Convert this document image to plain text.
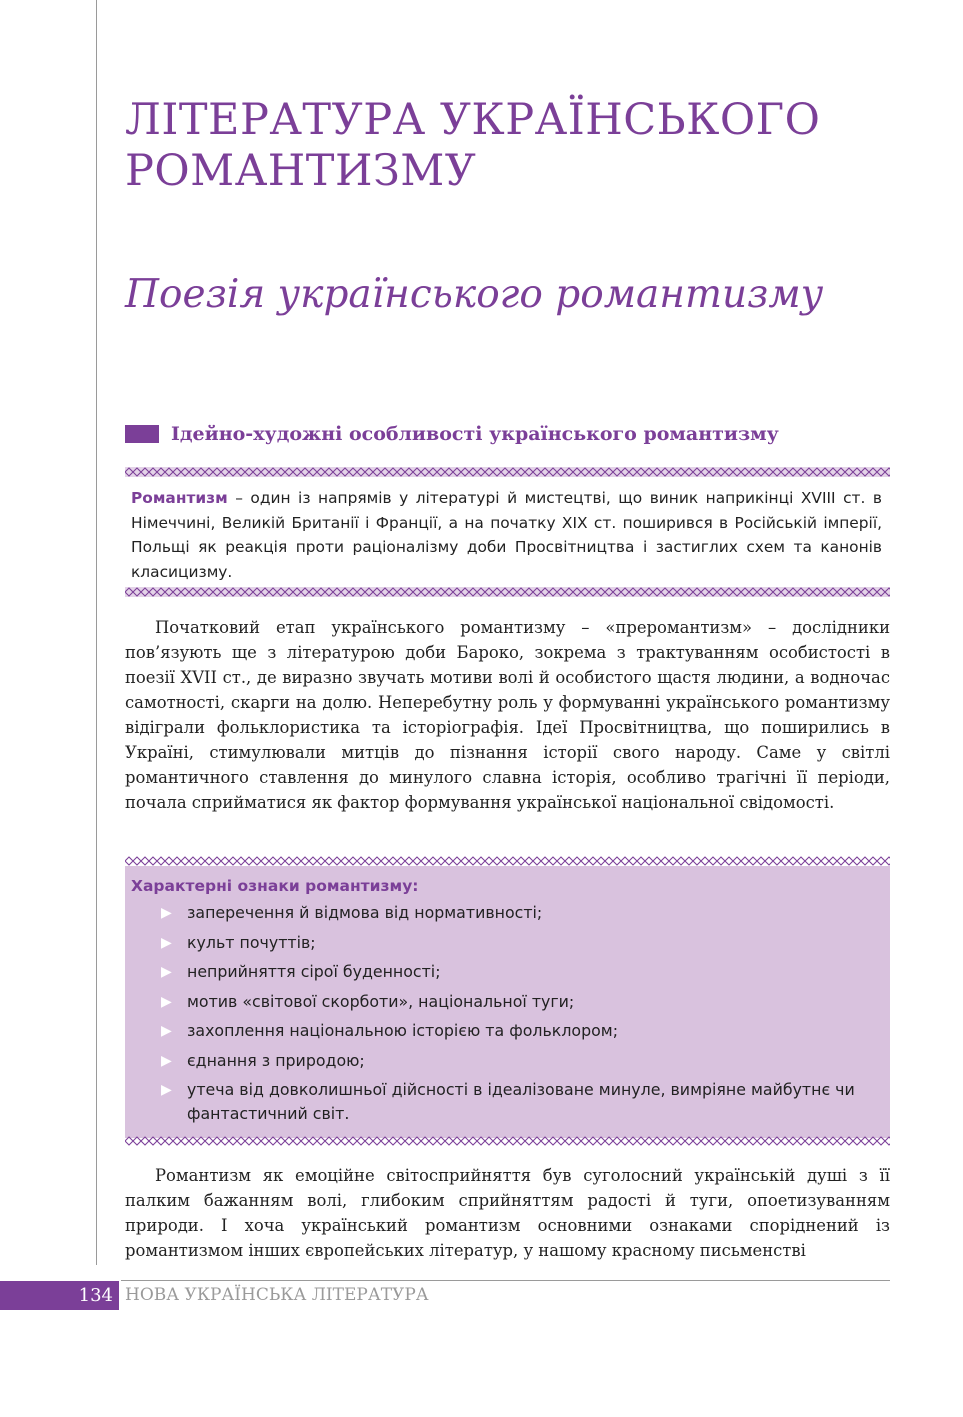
ЛІТЕРАТУРА УКРАЇНСЬКОГО РОМАНТИЗМУ
Поезія українського романтизму
Ідейно-художні особливості українського романтизму
Романтизм – один із напрямів у літературі й мистецтві, що виник наприкінці XVIII ст. в Німеччині, Великій Британії і Франції, а на початку XIX ст. поширився в Російській імперії, Польщі як реакція проти раціоналізму доби Просвітництва і застиглих схем та канонів класицизму.

Початковий етап українського романтизму – «преромантизм» – дослідники пов’язують ще з літературою доби Бароко, зокрема з трактуванням особистості в поезії XVII ст., де виразно звучать мотиви волі й особистого щастя людини, а водночас самотності, скарги на долю. Неперебутну роль у формуванні українського романтизму відіграли фольклористика та історіографія. Ідеї Просвітництва, що поширились в Україні, стимулювали митців до пізнання історії свого народу. Саме у світлі романтичного ставлення до минулого славна історія, особливо трагічні її періоди, почала сприйматися як фактор формування української національної свідомості.

Характерні ознаки романтизму:

▶ заперечення й відмова від нормативності;
▶ культ почуттів;
▶ неприйняття сірої буденності;
▶ мотив «світової скорботи», національної туги;
▶ захоплення національною історією та фольклором;
▶ єднання з природою;
▶ утеча від довколишньої дійсності в ідеалізоване минуле, вимріяне майбутнє чи фантастичний світ.

Романтизм як емоційне світосприйняття був суголосний українській душі з її палким бажанням волі, глибоким сприйняттям радості й туги, опоетизуванням природи. І хоча український романтизм основними ознаками споріднений із романтизмом інших європейських літератур, у нашому красному письменстві

134 НОВА УКРАЇНСЬКА ЛІТЕРАТУРА
